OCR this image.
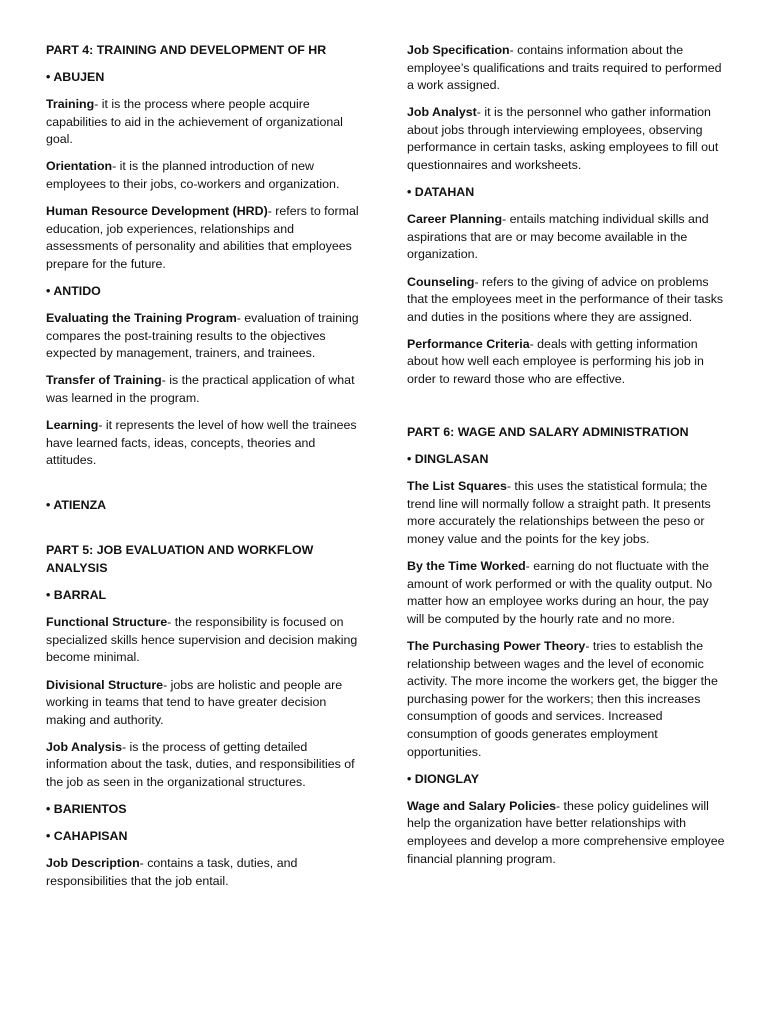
PART 4: TRAINING AND DEVELOPMENT OF HR

• ABUJEN

Training- it is the process where people acquire capabilities to aid in the achievement of organizational goal.

Orientation- it is the planned introduction of new employees to their jobs, co-workers and organization.

Human Resource Development (HRD)- refers to formal education, job experiences, relationships and assessments of personality and abilities that employees prepare for the future.

• ANTIDO

Evaluating the Training Program- evaluation of training compares the post-training results to the objectives expected by management, trainers, and trainees.

Transfer of Training- is the practical application of what was learned in the program.

Learning- it represents the level of how well the trainees have learned facts, ideas, concepts, theories and attitudes.

• ATIENZA

PART 5: JOB EVALUATION AND WORKFLOW ANALYSIS

• BARRAL

Functional Structure- the responsibility is focused on specialized skills hence supervision and decision making become minimal.

Divisional Structure- jobs are holistic and people are working in teams that tend to have greater decision making and authority.

Job Analysis- is the process of getting detailed information about the task, duties, and responsibilities of the job as seen in the organizational structures.

• BARIENTOS

• CAHAPISAN

Job Description- contains a task, duties, and responsibilities that the job entail.

Job Specification- contains information about the employee’s qualifications and traits required to performed a work assigned.

Job Analyst- it is the personnel who gather information about jobs through interviewing employees, observing performance in certain tasks, asking employees to fill out questionnaires and worksheets.

• DATAHAN

Career Planning- entails matching individual skills and aspirations that are or may become available in the organization.

Counseling- refers to the giving of advice on problems that the employees meet in the performance of their tasks and duties in the positions where they are assigned.

Performance Criteria- deals with getting information about how well each employee is performing his job in order to reward those who are effective.

PART 6: WAGE AND SALARY ADMINISTRATION

• DINGLASAN

The List Squares- this uses the statistical formula; the trend line will normally follow a straight path. It presents more accurately the relationships between the peso or money value and the points for the key jobs.

By the Time Worked- earning do not fluctuate with the amount of work performed or with the quality output. No matter how an employee works during an hour, the pay will be computed by the hourly rate and no more.

The Purchasing Power Theory- tries to establish the relationship between wages and the level of economic activity. The more income the workers get, the bigger the purchasing power for the workers; then this increases consumption of goods and services. Increased consumption of goods generates employment opportunities.

• DIONGLAY

Wage and Salary Policies- these policy guidelines will help the organization have better relationships with employees and develop a more comprehensive employee financial planning program.
